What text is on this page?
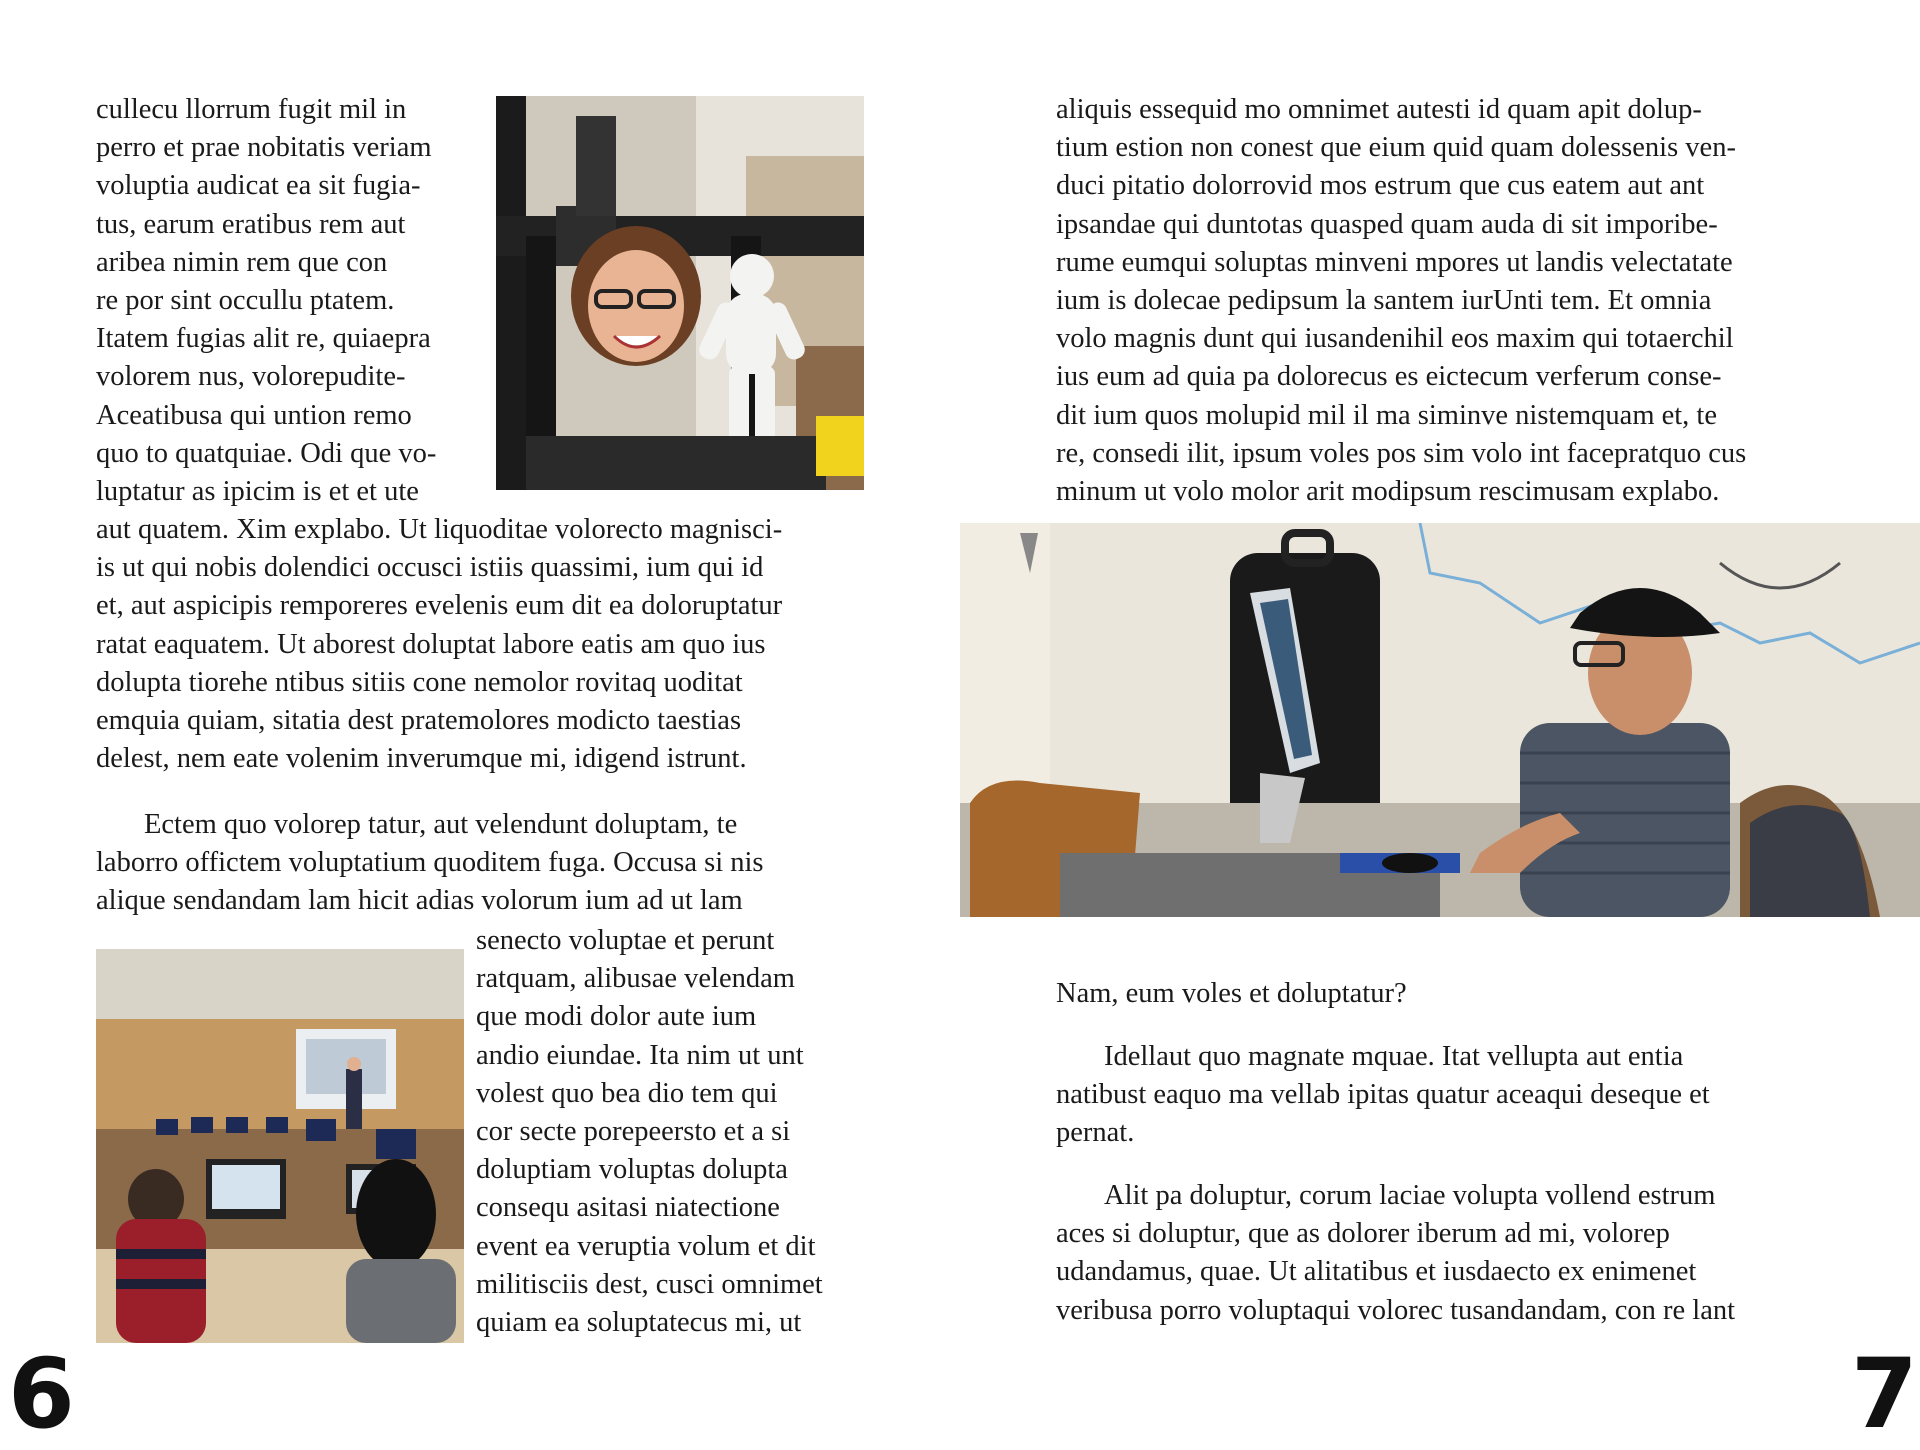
cullecu llorrum fugit mil in
perro et prae nobitatis veriam
voluptia audicat ea sit fugia-
tus, earum eratibus rem aut
aribea nimin rem que con
re por sint occullu ptatem.
Itatem fugias alit re, quiaepra
volorem nus, volorepudite-
Aceatibusa qui untion remo
quo to quatquiae. Odi que vo-
luptatur as ipicim is et et ute
aut quatem. Xim explabo. Ut liquoditae volorecto magnisci-
is ut qui nobis dolendici occusci istiis quassimi, ium qui id
et, aut aspicipis remporeres evelenis eum dit ea doloruptatur
ratat eaquatem. Ut aborest doluptat labore eatis am quo ius
dolupta tiorehe ntibus sitiis cone nemolor rovitaq uoditat
emquia quiam, sitatia dest pratemolores modicto taestias
delest, nem eate volenim inverumque mi, idigend istrunt.
Ectem quo volorep tatur, aut velendunt doluptam, te
laborro offictem voluptatium quoditem fuga. Occusa si nis
alique sendandam lam hicit adias volorum ium ad ut lam
senecto voluptae et perunt
ratquam, alibusae velendam
que modi dolor aute ium
andio eiundae. Ita nim ut unt
volest quo bea dio tem qui
cor secte porepeersto et a si
doluptiam voluptas dolupta
consequ asitasi niatectione
event ea veruptia volum et dit
militisciis dest, cusci omnimet
quiam ea soluptatecus mi, ut
6
aliquis essequid mo omnimet autesti id quam apit dolup-
tium estion non conest que eium quid quam dolessenis ven-
duci pitatio dolorrovid mos estrum que cus eatem aut ant
ipsandae qui duntotas quasped quam auda di sit imporibe-
rume eumqui soluptas minveni mpores ut landis velectatate
ium is dolecae pedipsum la santem iurUnti tem. Et omnia
volo magnis dunt qui iusandenihil eos maxim qui totaerchil
ius eum ad quia pa dolorecus es eictecum verferum conse-
dit ium quos molupid mil il ma siminve nistemquam et, te
re, consedi ilit, ipsum voles pos sim volo int facepratquo cus
minum ut volo molor arit modipsum rescimusam explabo.
Nam, eum voles et doluptatur?
Idellaut quo magnate mquae. Itat vellupta aut entia
natibust eaquo ma vellab ipitas quatur aceaqui deseque et
pernat.
Alit pa doluptur, corum laciae volupta vollend estrum
aces si doluptur, que as dolorer iberum ad mi, volorep
udandamus, quae. Ut alitatibus et iusdaecto ex enimenet
veribusa porro voluptaqui volorec tusandandam, con re lant
7
